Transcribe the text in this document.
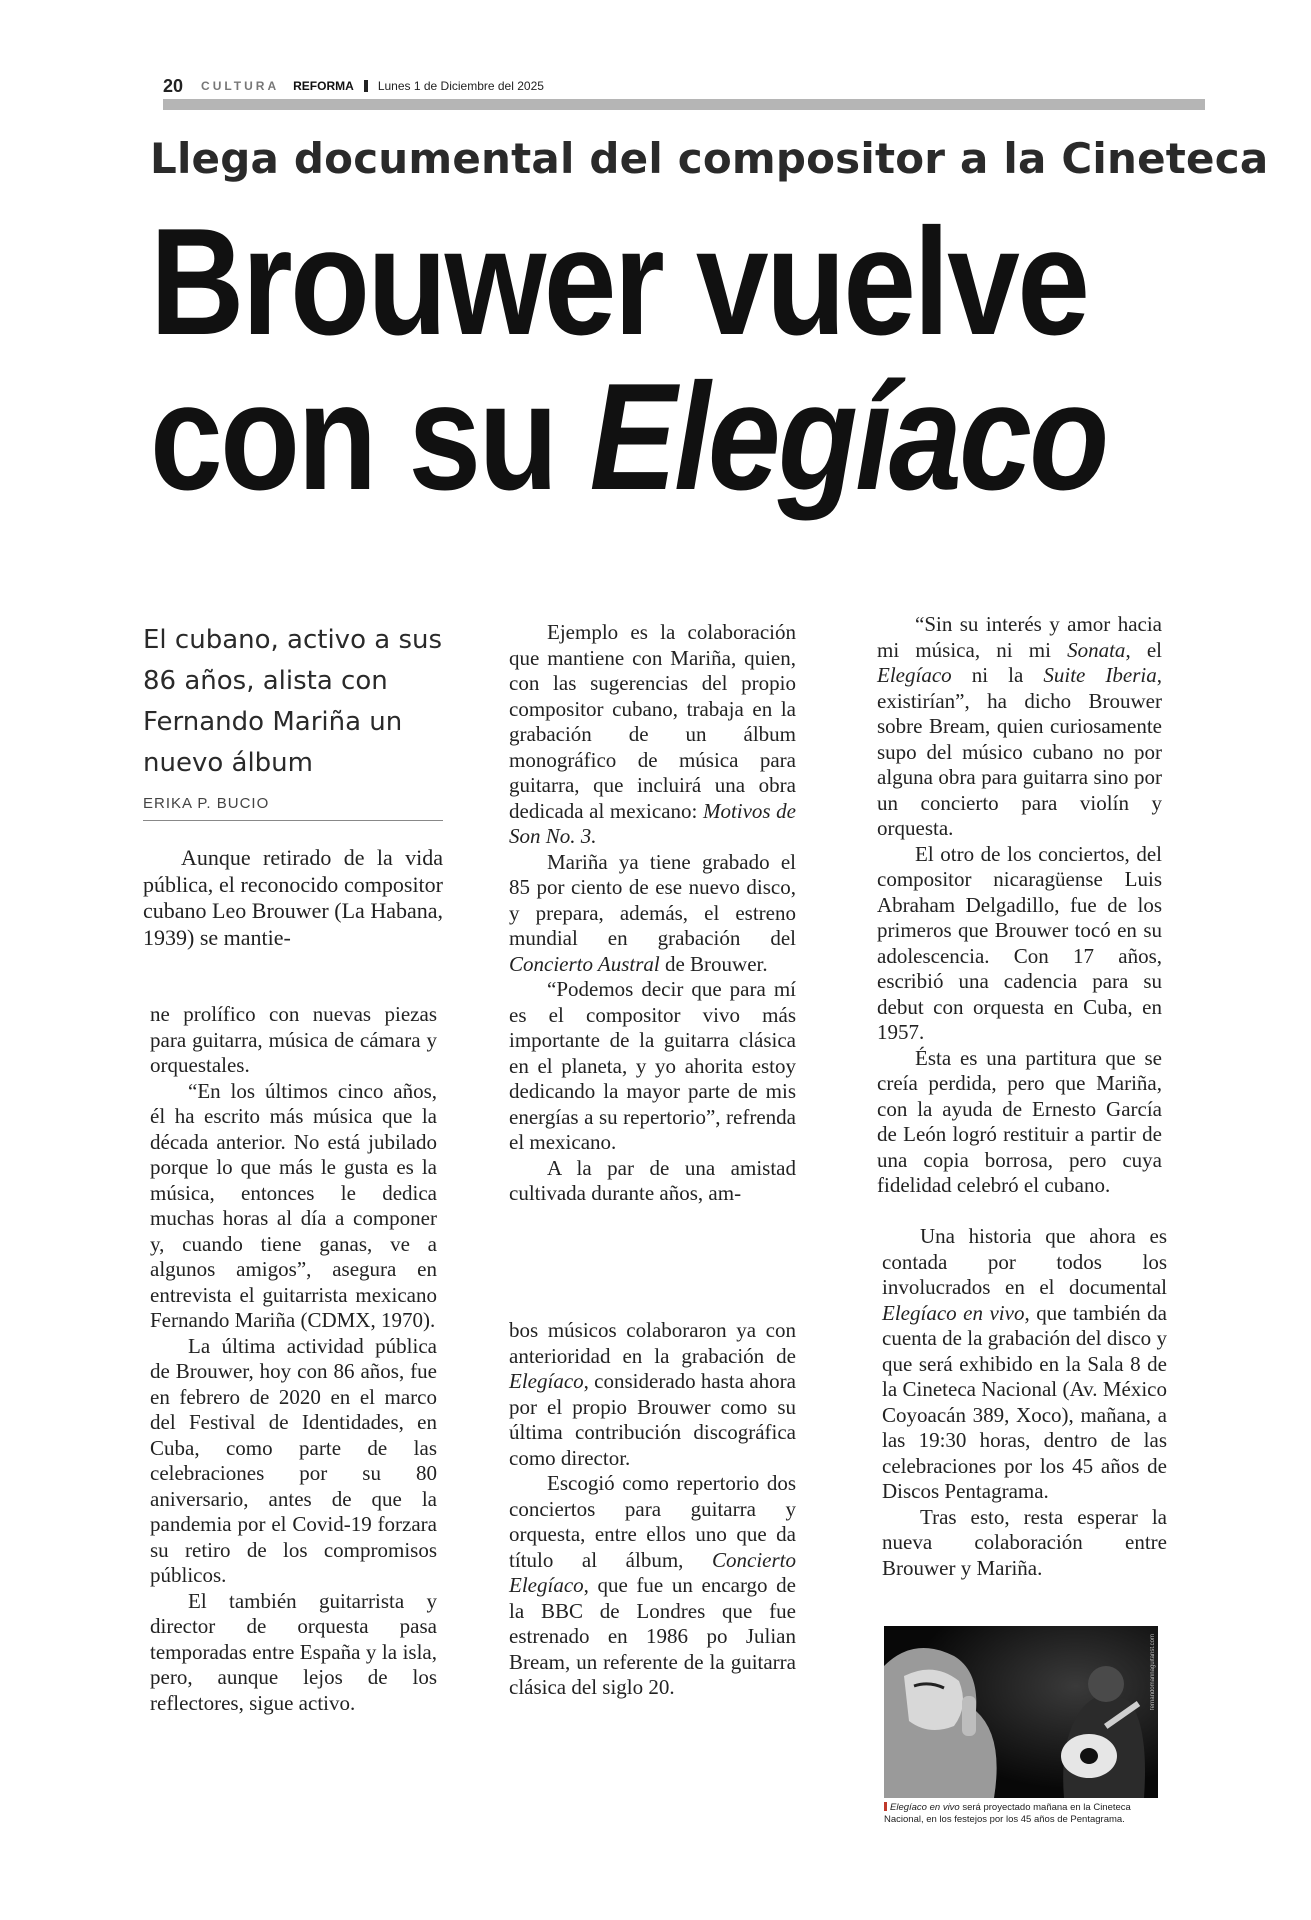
20 CULTURA REFORMA Lunes 1 de Diciembre del 2025
Llega documental del compositor a la Cineteca
Brouwer vuelve
con su Elegíaco
El cubano, activo a sus 86 años, alista con Fernando Mariña un nuevo álbum
ERIKA P. BUCIO

Aunque retirado de la vida pública, el reconocido compositor cubano Leo Brouwer (La Habana, 1939) se mantie-

ne prolífico con nuevas piezas para guitarra, música de cámara y orquestales.

“En los últimos cinco años, él ha escrito más música que la década anterior. No está jubilado porque lo que más le gusta es la música, entonces le dedica muchas horas al día a componer y, cuando tiene ganas, ve a algunos amigos”, asegura en entrevista el guitarrista mexicano Fernando Mariña (CDMX, 1970).

La última actividad pública de Brouwer, hoy con 86 años, fue en febrero de 2020 en el marco del Festival de Identidades, en Cuba, como parte de las celebraciones por su 80 aniversario, antes de que la pandemia por el Covid-19 forzara su retiro de los compromisos públicos.

El también guitarrista y director de orquesta pasa temporadas entre España y la isla, pero, aunque lejos de los reflectores, sigue activo.

Ejemplo es la colaboración que mantiene con Mariña, quien, con las sugerencias del propio compositor cubano, trabaja en la grabación de un álbum monográfico de música para guitarra, que incluirá una obra dedicada al mexicano: Motivos de Son No. 3.

Mariña ya tiene grabado el 85 por ciento de ese nuevo disco, y prepara, además, el estreno mundial en grabación del Concierto Austral de Brouwer.

“Podemos decir que para mí es el compositor vivo más importante de la guitarra clásica en el planeta, y yo ahorita estoy dedicando la mayor parte de mis energías a su repertorio”, refrenda el mexicano.

A la par de una amistad cultivada durante años, am-

bos músicos colaboraron ya con anterioridad en la grabación de Elegíaco, considerado hasta ahora por el propio Brouwer como su última contribución discográfica como director.

Escogió como repertorio dos conciertos para guitarra y orquesta, entre ellos uno que da título al álbum, Concierto Elegíaco, que fue un encargo de la BBC de Londres que fue estrenado en 1986 po Julian Bream, un referente de la guitarra clásica del siglo 20.

“Sin su interés y amor hacia mi música, ni mi Sonata, el Elegíaco ni la Suite Iberia, existirían”, ha dicho Brouwer sobre Bream, quien curiosamente supo del músico cubano no por alguna obra para guitarra sino por un concierto para violín y orquesta.

El otro de los conciertos, del compositor nicaragüense Luis Abraham Delgadillo, fue de los primeros que Brouwer tocó en su adolescencia. Con 17 años, escribió una cadencia para su debut con orquesta en Cuba, en 1957.

Ésta es una partitura que se creía perdida, pero que Mariña, con la ayuda de Ernesto García de León logró restituir a partir de una copia borrosa, pero cuya fidelidad celebró el cubano.

Una historia que ahora es contada por todos los involucrados en el documental Elegíaco en vivo, que también da cuenta de la grabación del disco y que será exhibido en la Sala 8 de la Cineteca Nacional (Av. México Coyoacán 389, Xoco), mañana, a las 19:30 horas, dentro de las celebraciones por los 45 años de Discos Pentagrama.

Tras esto, resta esperar la nueva colaboración entre Brouwer y Mariña.

fernandomarinaguitarist.com
Elegíaco en vivo será proyectado mañana en la Cineteca Nacional, en los festejos por los 45 años de Pentagrama.
